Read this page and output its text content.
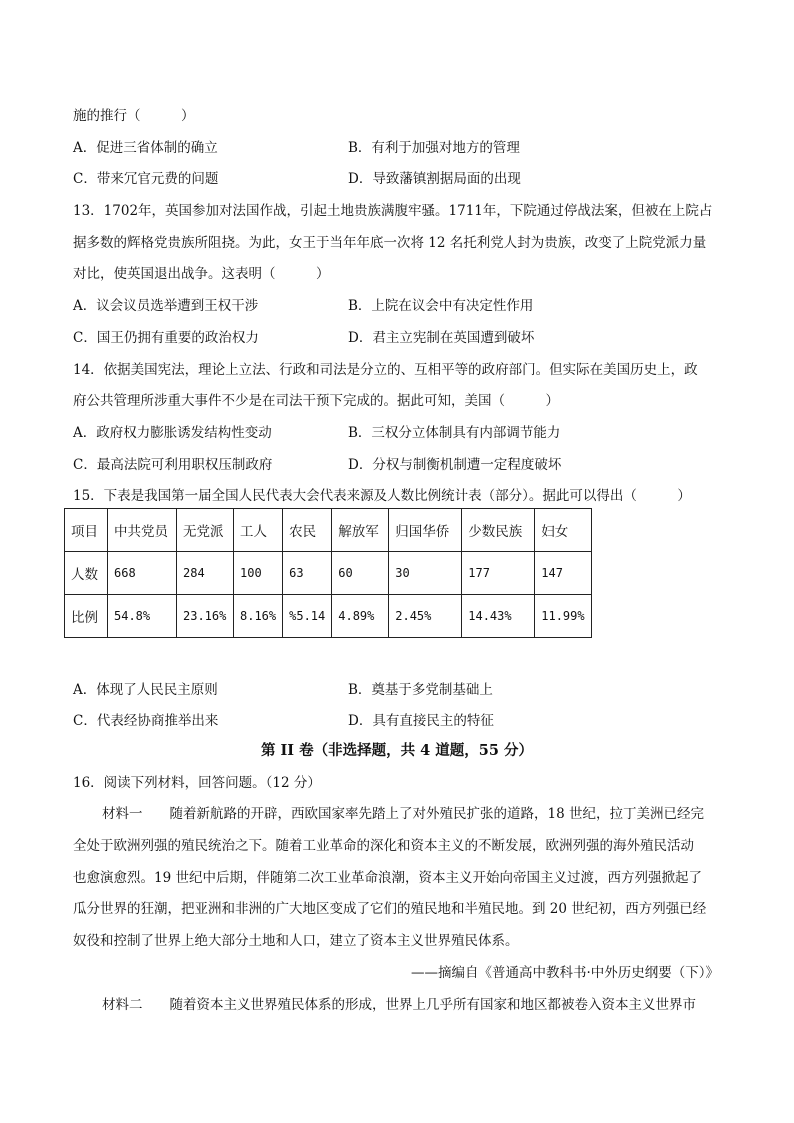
施的推行（　　　）
A．促进三省体制的确立	B．有利于加强对地方的管理
C．带来冗官元费的问题	D．导致藩镇割据局面的出现
13．1702年，英国参加对法国作战，引起土地贵族满腹牢骚。1711年，下院通过停战法案，但被在上院占
据多数的辉格党贵族所阻挠。为此，女王于当年年底一次将 12 名托利党人封为贵族，改变了上院党派力量
对比，使英国退出战争。这表明（　　　）
A．议会议员选举遭到王权干涉	B．上院在议会中有决定性作用
C．国王仍拥有重要的政治权力	D．君主立宪制在英国遭到破坏
14．依据美国宪法，理论上立法、行政和司法是分立的、互相平等的政府部门。但实际在美国历史上，政
府公共管理所涉重大事件不少是在司法干预下完成的。据此可知，美国（　　　）
A．政府权力膨胀诱发结构性变动	B．三权分立体制具有内部调节能力
C．最高法院可利用职权压制政府	D．分权与制衡机制遭一定程度破坏
15．下表是我国第一届全国人民代表大会代表来源及人数比例统计表（部分）。据此可以得出（　　　）
项目	中共党员	无党派	工人	农民	解放军	归国华侨	少数民族	妇女
人数	668	284	100	63	60	30	177	147
比例	54.8%	23.16%	8.16%	%5.14	4.89%	2.45%	14.43%	11.99%
A．体现了人民民主原则	B．奠基于多党制基础上
C．代表经协商推举出来	D．具有直接民主的特征
第 II 卷（非选择题，共 4 道题，55 分）
16．阅读下列材料，回答问题。（12 分）
材料一　　随着新航路的开辟，西欧国家率先踏上了对外殖民扩张的道路，18 世纪，拉丁美洲已经完
全处于欧洲列强的殖民统治之下。随着工业革命的深化和资本主义的不断发展，欧洲列强的海外殖民活动
也愈演愈烈。19 世纪中后期，伴随第二次工业革命浪潮，资本主义开始向帝国主义过渡，西方列强掀起了
瓜分世界的狂潮，把亚洲和非洲的广大地区变成了它们的殖民地和半殖民地。到 20 世纪初，西方列强已经
奴役和控制了世界上绝大部分土地和人口，建立了资本主义世界殖民体系。
——摘编自《普通高中教科书·中外历史纲要（下）》
材料二　　随着资本主义世界殖民体系的形成，世界上几乎所有国家和地区都被卷入资本主义世界市
